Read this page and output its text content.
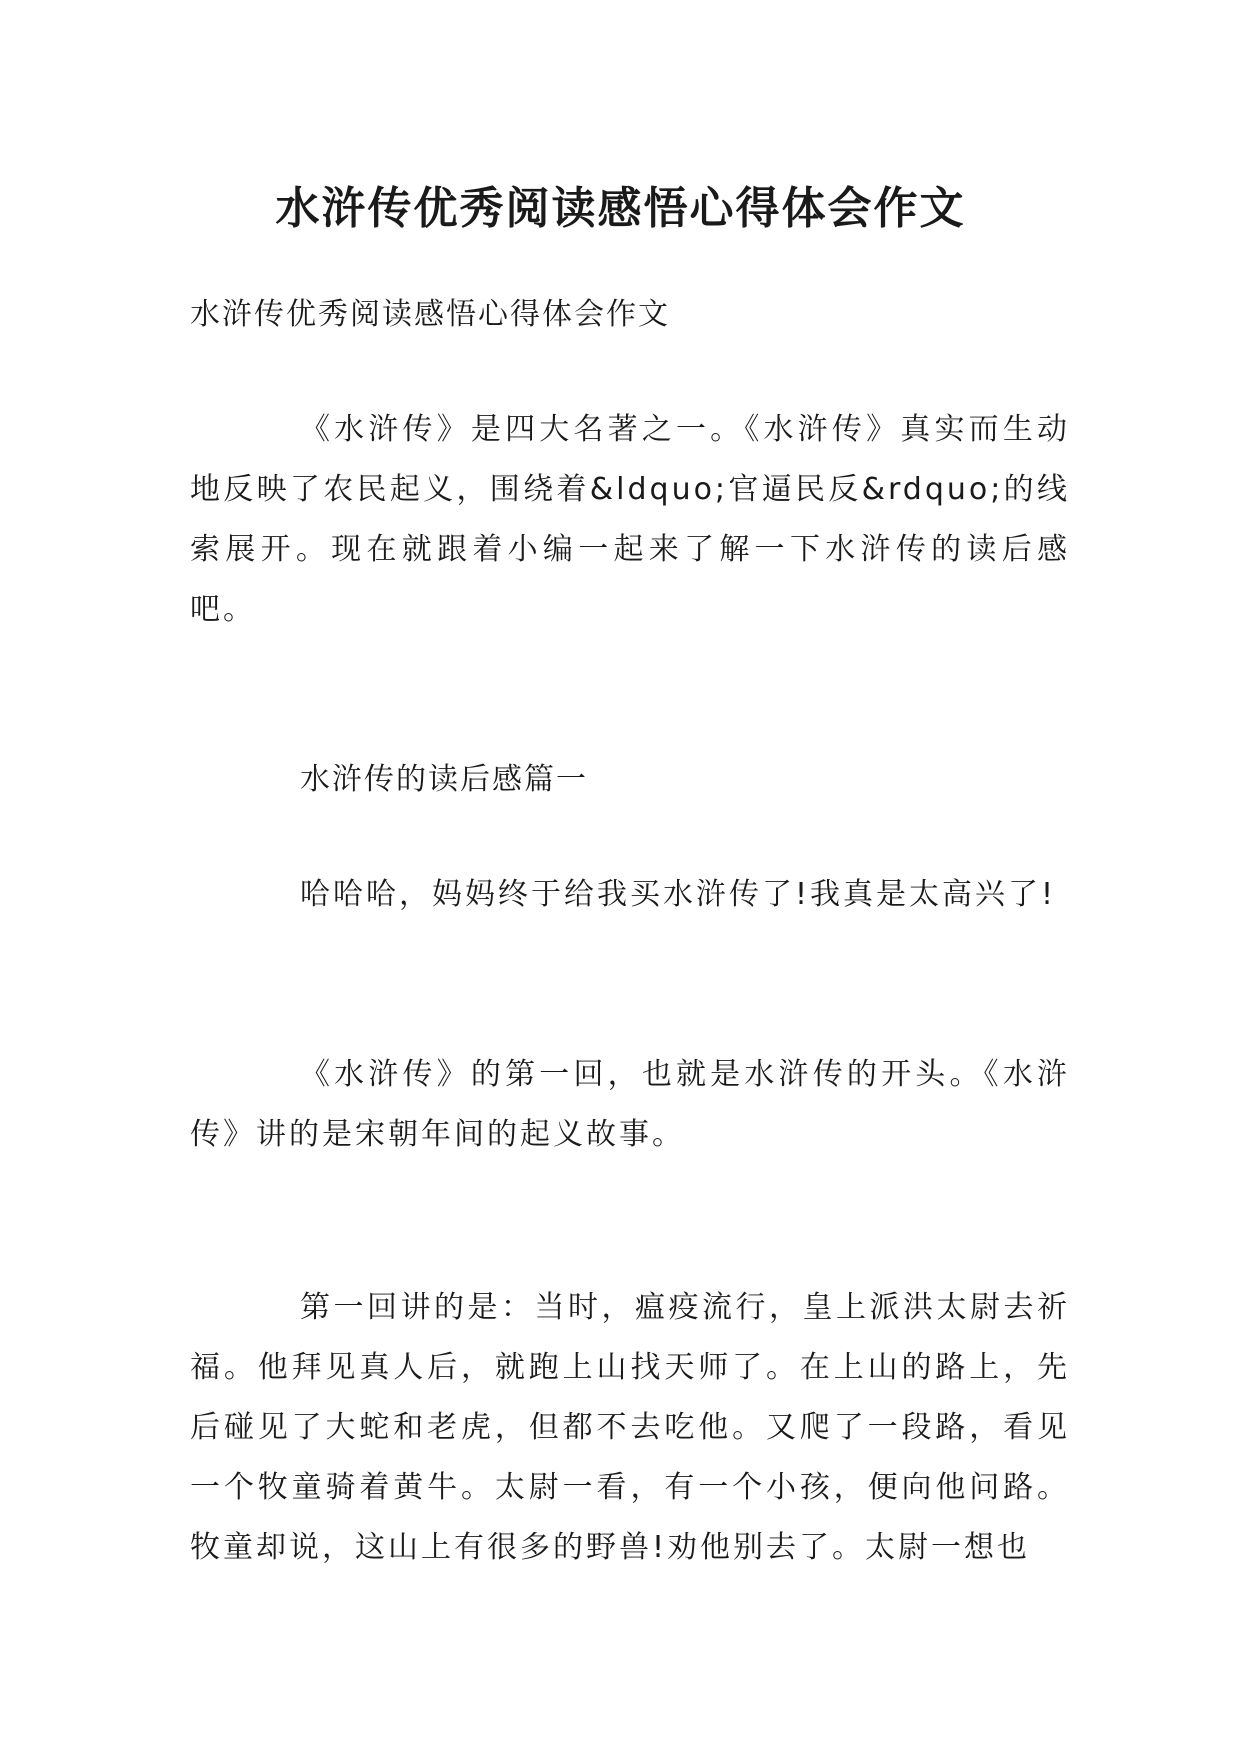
水浒传优秀阅读感悟心得体会作文
水浒传优秀阅读感悟心得体会作文

《水浒传》是四大名著之一。《水浒传》真实而生动地反映了农民起义，围绕着&ldquo;官逼民反&rdquo;的线索展开。现在就跟着小编一起来了解一下水浒传的读后感吧。

水浒传的读后感篇一

哈哈哈，妈妈终于给我买水浒传了!我真是太高兴了!

《水浒传》的第一回，也就是水浒传的开头。《水浒传》讲的是宋朝年间的起义故事。

第一回讲的是：当时，瘟疫流行，皇上派洪太尉去祈福。他拜见真人后，就跑上山找天师了。在上山的路上，先后碰见了大蛇和老虎，但都不去吃他。又爬了一段路，看见一个牧童骑着黄牛。太尉一看，有一个小孩，便向他问路。牧童却说，这山上有很多的野兽!劝他别去了。太尉一想也
